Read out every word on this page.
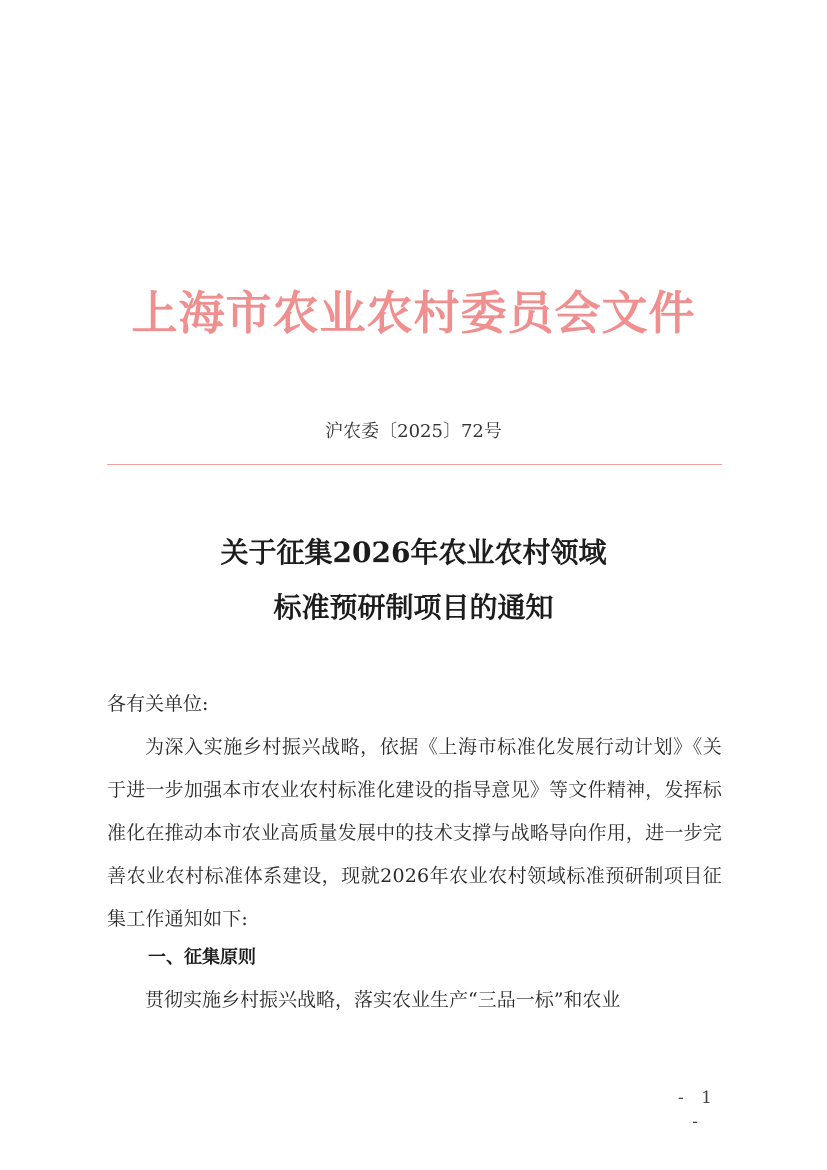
上海市农业农村委员会文件
沪农委〔2025〕72号
关于征集2026年农业农村领域
标准预研制项目的通知
各有关单位:
为深入实施乡村振兴战略，依据《上海市标准化发展行动计划》《关于进一步加强本市农业农村标准化建设的指导意见》等文件精神，发挥标准化在推动本市农业高质量发展中的技术支撑与战略导向作用，进一步完善农业农村标准体系建设，现就2026年农业农村领域标准预研制项目征集工作通知如下:
一、征集原则
贯彻实施乡村振兴战略，落实农业生产“三品一标”和农业
- 1 -
